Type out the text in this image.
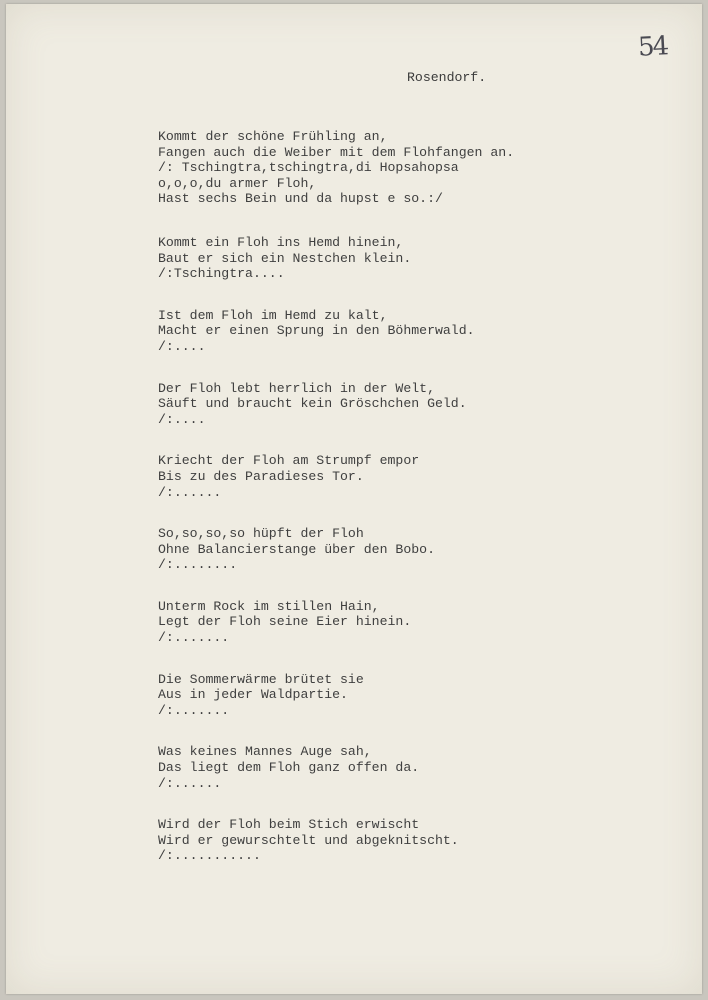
54
Rosendorf.
Kommt der schöne Frühling an,
Fangen auch die Weiber mit dem Flohfangen an.
/: Tschingtra,tschingtra,di Hopsahopsa
o,o,o,du armer Floh,
Hast sechs Bein und da hupst e so.:/
Kommt ein Floh ins Hemd hinein,
Baut er sich ein Nestchen klein.
/:Tschingtra....
Ist dem Floh im Hemd zu kalt,
Macht er einen Sprung in den Böhmerwald.
/:....
Der Floh lebt herrlich in der Welt,
Säuft und braucht kein Gröschchen Geld.
/:....
Kriecht der Floh am Strumpf empor
Bis zu des Paradieses Tor.
/:......
So,so,so,so hüpft der Floh
Ohne Balancierstange über den Bobo.
/:........
Unterm Rock im stillen Hain,
Legt der Floh seine Eier hinein.
/:.......
Die Sommerwärme brütet sie
Aus in jeder Waldpartie.
/:.......
Was keines Mannes Auge sah,
Das liegt dem Floh ganz offen da.
/:......
Wird der Floh beim Stich erwischt
Wird er gewurschtelt und abgeknitscht.
/:...........
